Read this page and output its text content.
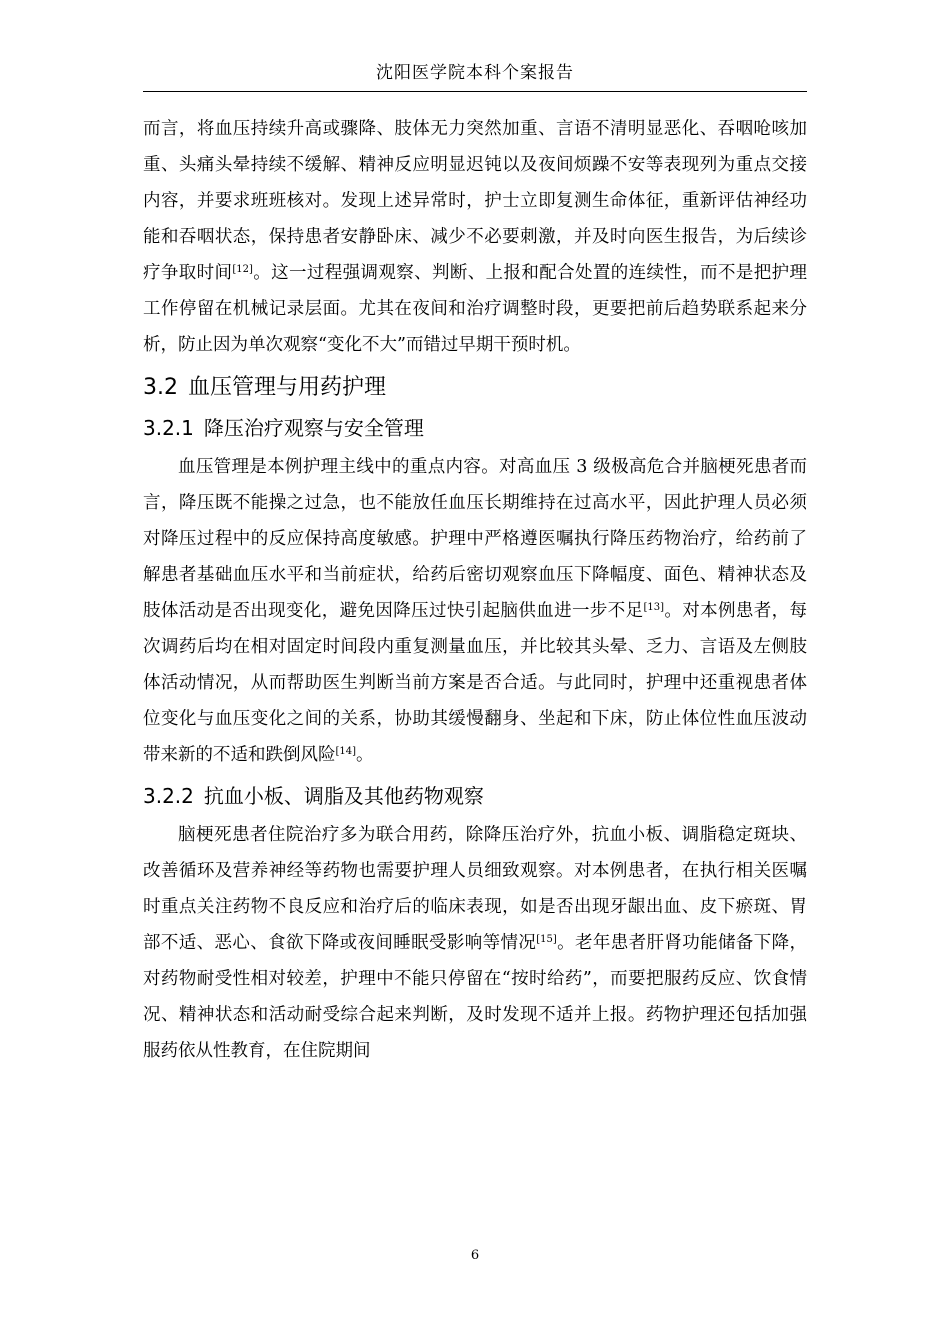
沈阳医学院本科个案报告

而言，将血压持续升高或骤降、肢体无力突然加重、言语不清明显恶化、吞咽呛咳加重、头痛头晕持续不缓解、精神反应明显迟钝以及夜间烦躁不安等表现列为重点交接内容，并要求班班核对。发现上述异常时，护士立即复测生命体征，重新评估神经功能和吞咽状态，保持患者安静卧床、减少不必要刺激，并及时向医生报告，为后续诊疗争取时间[12]。这一过程强调观察、判断、上报和配合处置的连续性，而不是把护理工作停留在机械记录层面。尤其在夜间和治疗调整时段，更要把前后趋势联系起来分析，防止因为单次观察“变化不大”而错过早期干预时机。

3.2 血压管理与用药护理
3.2.1 降压治疗观察与安全管理

血压管理是本例护理主线中的重点内容。对高血压 3 级极高危合并脑梗死患者而言，降压既不能操之过急，也不能放任血压长期维持在过高水平，因此护理人员必须对降压过程中的反应保持高度敏感。护理中严格遵医嘱执行降压药物治疗，给药前了解患者基础血压水平和当前症状，给药后密切观察血压下降幅度、面色、精神状态及肢体活动是否出现变化，避免因降压过快引起脑供血进一步不足[13]。对本例患者，每次调药后均在相对固定时间段内重复测量血压，并比较其头晕、乏力、言语及左侧肢体活动情况，从而帮助医生判断当前方案是否合适。与此同时，护理中还重视患者体位变化与血压变化之间的关系，协助其缓慢翻身、坐起和下床，防止体位性血压波动带来新的不适和跌倒风险[14]。

3.2.2 抗血小板、调脂及其他药物观察

脑梗死患者住院治疗多为联合用药，除降压治疗外，抗血小板、调脂稳定斑块、改善循环及营养神经等药物也需要护理人员细致观察。对本例患者，在执行相关医嘱时重点关注药物不良反应和治疗后的临床表现，如是否出现牙龈出血、皮下瘀斑、胃部不适、恶心、食欲下降或夜间睡眠受影响等情况[15]。老年患者肝肾功能储备下降，对药物耐受性相对较差，护理中不能只停留在“按时给药”，而要把服药反应、饮食情况、精神状态和活动耐受综合起来判断，及时发现不适并上报。药物护理还包括加强服药依从性教育，在住院期间

6
